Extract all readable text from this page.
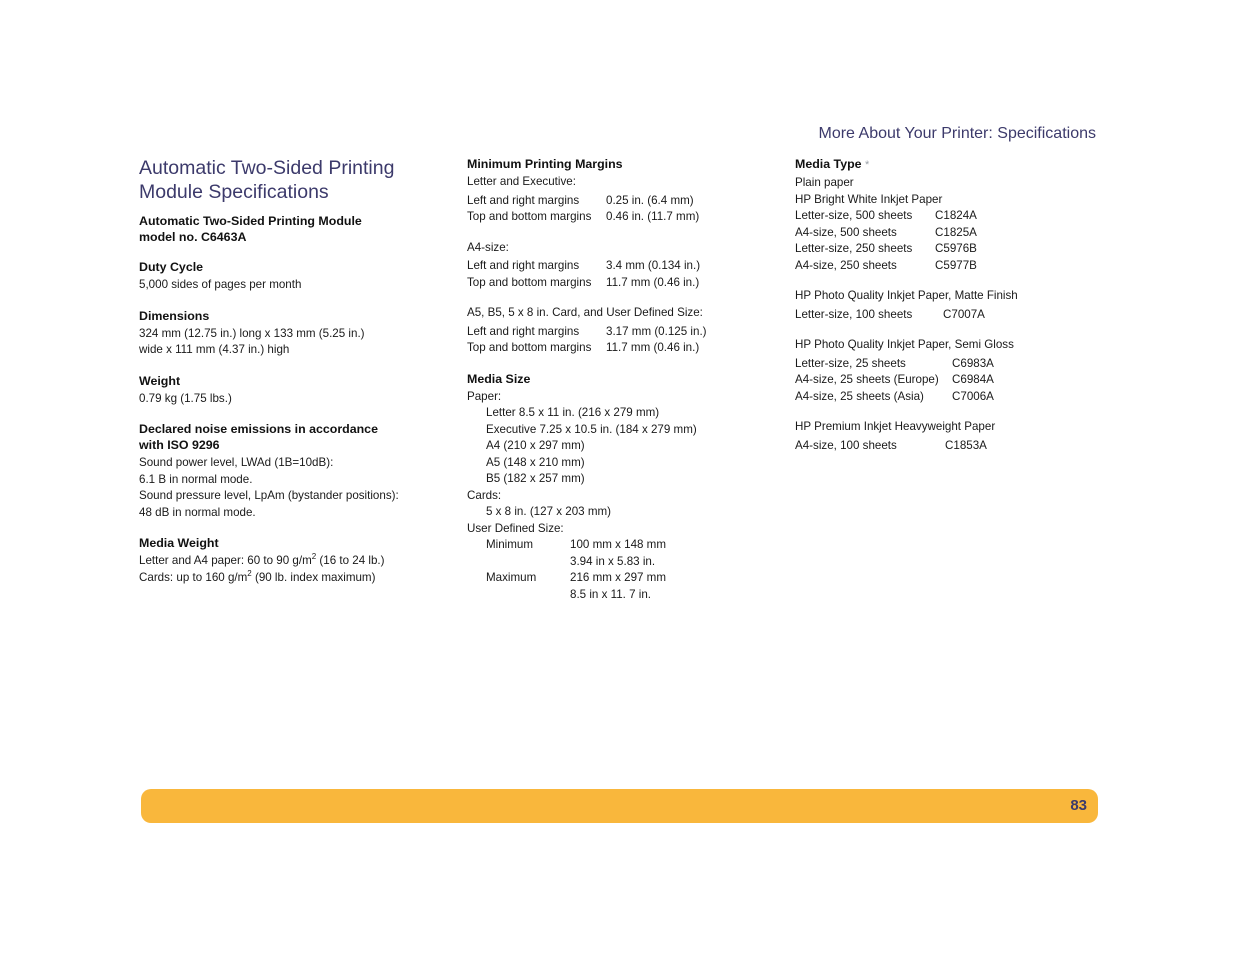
More About Your Printer: Specifications
Automatic Two-Sided Printing
Module Specifications

Automatic Two-Sided Printing Module
model no. C6463A

Duty Cycle

5,000 sides of pages per month

Dimensions

324 mm (12.75 in.) long x 133 mm (5.25 in.)

wide x 111 mm (4.37 in.) high

Weight

0.79 kg (1.75 lbs.)

Declared noise emissions in accordance
with ISO 9296

Sound power level, LWAd (1B=10dB):

6.1 B in normal mode.

Sound pressure level, LpAm (bystander positions):

48 dB in normal mode.

Media Weight

Letter and A4 paper: 60 to 90 $g/m^2$ (16 to 24 lb.)

Cards: up to 160 $g/m^2$ (90 lb. index maximum)

Minimum Printing Margins

Letter and Executive:

Left and right margins	0.25 in. (6.4 mm)
Top and bottom margins	0.46 in. (11.7 mm)

A4-size:

Left and right margins	3.4 mm (0.134 in.)
Top and bottom margins	11.7 mm (0.46 in.)

A5, B5, 5 x 8 in. Card, and User Defined Size:

Left and right margins	3.17 mm (0.125 in.)
Top and bottom margins	11.7 mm (0.46 in.)

Media Size

Paper:

Letter 8.5 x 11 in. (216 x 279 mm)

Executive 7.25 x 10.5 in. (184 x 279 mm)

A4 (210 x 297 mm)

A5 (148 x 210 mm)

B5 (182 x 257 mm)

Cards:

5 x 8 in. (127 x 203 mm)

User Defined Size:

Minimum	100 mm x 148 mm
3.94 in x 5.83 in.
Maximum	216 mm x 297 mm
8.5 in x 11. 7 in.

Media Type *

Plain paper

HP Bright White Inkjet Paper

Letter-size, 500 sheets	C1824A
A4-size, 500 sheets	C1825A
Letter-size, 250 sheets	C5976B
A4-size, 250 sheets	C5977B

HP Photo Quality Inkjet Paper, Matte Finish

Letter-size, 100 sheets	C7007A

HP Photo Quality Inkjet Paper, Semi Gloss

Letter-size, 25 sheets	C6983A
A4-size, 25 sheets (Europe)	C6984A
A4-size, 25 sheets (Asia)	C7006A

HP Premium Inkjet Heavyweight Paper

A4-size, 100 sheets	C1853A
83
